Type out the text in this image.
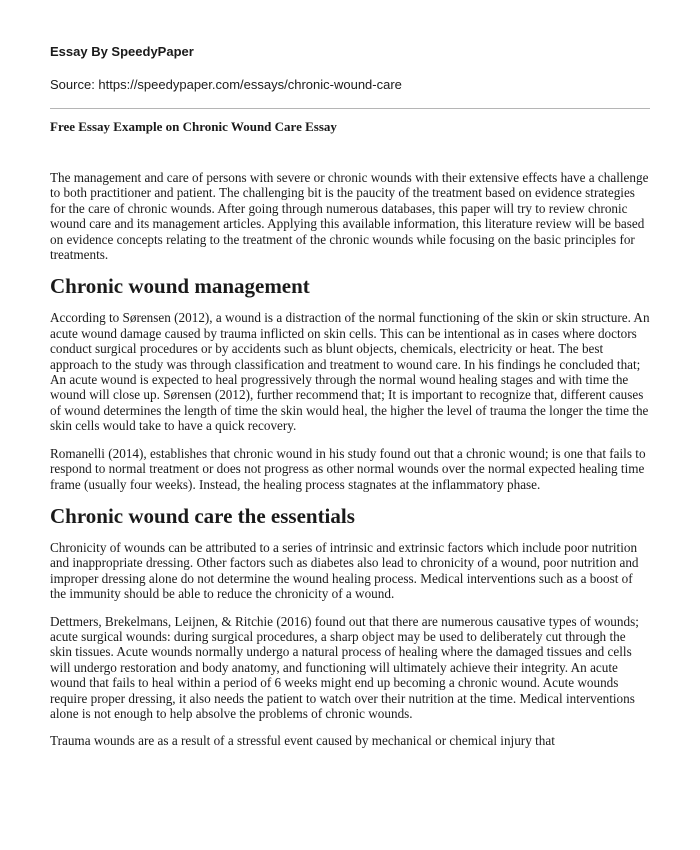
Essay By SpeedyPaper
Source: https://speedypaper.com/essays/chronic-wound-care
Free Essay Example on Chronic Wound Care Essay

The management and care of persons with severe or chronic wounds with their extensive effects have a challenge to both practitioner and patient. The challenging bit is the paucity of the treatment based on evidence strategies for the care of chronic wounds. After going through numerous databases, this paper will try to review chronic wound care and its management articles. Applying this available information, this literature review will be based on evidence concepts relating to the treatment of the chronic wounds while focusing on the basic principles for treatments.

Chronic wound management

According to Sørensen (2012), a wound is a distraction of the normal functioning of the skin or skin structure. An acute wound damage caused by trauma inflicted on skin cells. This can be intentional as in cases where doctors conduct surgical procedures or by accidents such as blunt objects, chemicals, electricity or heat. The best approach to the study was through classification and treatment to wound care. In his findings he concluded that; An acute wound is expected to heal progressively through the normal wound healing stages and with time the wound will close up. Sørensen (2012), further recommend that; It is important to recognize that, different causes of wound determines the length of time the skin would heal, the higher the level of trauma the longer the time the skin cells would take to have a quick recovery.

Romanelli (2014), establishes that chronic wound in his study found out that a chronic wound; is one that fails to respond to normal treatment or does not progress as other normal wounds over the normal expected healing time frame (usually four weeks). Instead, the healing process stagnates at the inflammatory phase.

Chronic wound care the essentials

Chronicity of wounds can be attributed to a series of intrinsic and extrinsic factors which include poor nutrition and inappropriate dressing. Other factors such as diabetes also lead to chronicity of a wound, poor nutrition and improper dressing alone do not determine the wound healing process. Medical interventions such as a boost of the immunity should be able to reduce the chronicity of a wound.

Dettmers, Brekelmans, Leijnen, & Ritchie (2016) found out that there are numerous causative types of wounds; acute surgical wounds: during surgical procedures, a sharp object may be used to deliberately cut through the skin tissues. Acute wounds normally undergo a natural process of healing where the damaged tissues and cells will undergo restoration and body anatomy, and functioning will ultimately achieve their integrity. An acute wound that fails to heal within a period of 6 weeks might end up becoming a chronic wound. Acute wounds require proper dressing, it also needs the patient to watch over their nutrition at the time. Medical interventions alone is not enough to help absolve the problems of chronic wounds.

Trauma wounds are as a result of a stressful event caused by mechanical or chemical injury that
